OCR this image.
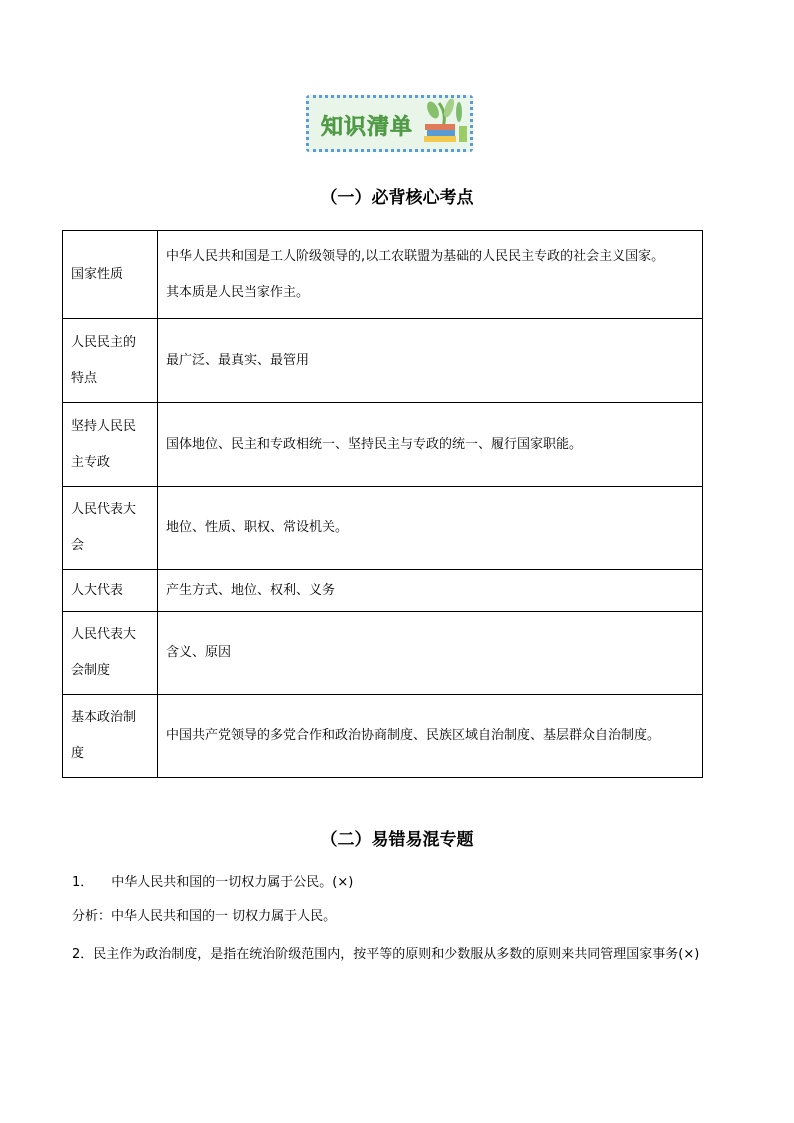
知识清单
（一）必背核心考点
国家性质	中华人民共和国是工人阶级领导的,以工农联盟为基础的人民民主专政的社会主义国家。
其本质是人民当家作主。
人民民主的
特点	最广泛、最真实、最管用
坚持人民民
主专政	国体地位、民主和专政相统一、坚持民主与专政的统一、履行国家职能。
人民代表大
会	地位、性质、职权、常设机关。
人大代表	产生方式、地位、权利、义务
人民代表大
会制度	含义、原因
基本政治制
度	中国共产党领导的多党合作和政治协商制度、民族区域自治制度、基层群众自治制度。
（二）易错易混专题
1． 中华人民共和国的一切权力属于公民。(×)
分析：中华人民共和国的一 切权力属于人民。
2．民主作为政治制度，是指在统治阶级范围内，按平等的原则和少数服从多数的原则来共同管理国家事务(×)
